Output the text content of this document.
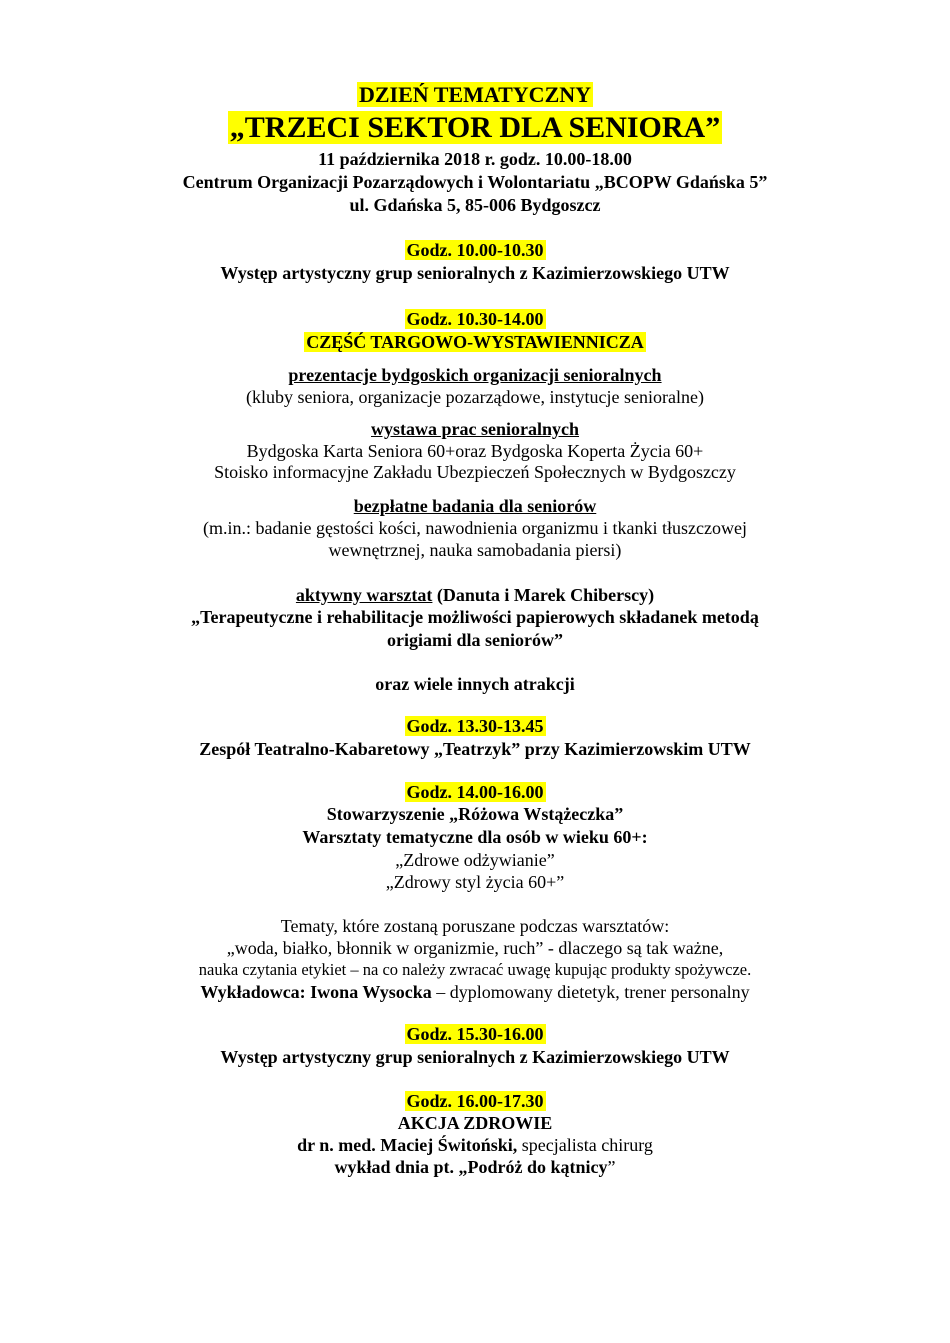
DZIEŃ TEMATYCZNY
„TRZECI SEKTOR DLA SENIORA”
11 października 2018 r. godz. 10.00-18.00
Centrum Organizacji Pozarządowych i Wolontariatu „BCOPW Gdańska 5”
ul. Gdańska 5, 85-006 Bydgoszcz
Godz. 10.00-10.30
Występ artystyczny grup senioralnych z Kazimierzowskiego UTW
Godz. 10.30-14.00
CZĘŚĆ TARGOWO-WYSTAWIENNICZA
prezentacje bydgoskich organizacji senioralnych
(kluby seniora, organizacje pozarządowe, instytucje senioralne)
wystawa prac senioralnych
Bydgoska Karta Seniora 60+oraz Bydgoska Koperta Życia 60+
Stoisko informacyjne Zakładu Ubezpieczeń Społecznych w Bydgoszczy
bezpłatne badania dla seniorów
(m.in.: badanie gęstości kości, nawodnienia organizmu i tkanki tłuszczowej
wewnętrznej, nauka samobadania piersi)
aktywny warsztat (Danuta i Marek Chiberscy)
„Terapeutyczne i rehabilitacje możliwości papierowych składanek metodą
origiami dla seniorów”
oraz wiele innych atrakcji
Godz. 13.30-13.45
Zespół Teatralno-Kabaretowy „Teatrzyk” przy Kazimierzowskim UTW
Godz. 14.00-16.00
Stowarzyszenie „Różowa Wstążeczka”
Warsztaty tematyczne dla osób w wieku 60+:
„Zdrowe odżywianie”
„Zdrowy styl życia 60+”
Tematy, które zostaną poruszane podczas warsztatów:
„woda, białko, błonnik w organizmie, ruch” - dlaczego są tak ważne,
nauka czytania etykiet – na co należy zwracać uwagę kupując produkty spożywcze.
Wykładowca: Iwona Wysocka – dyplomowany dietetyk, trener personalny
Godz. 15.30-16.00
Występ artystyczny grup senioralnych z Kazimierzowskiego UTW
Godz. 16.00-17.30
AKCJA ZDROWIE
dr n. med. Maciej Świtoński, specjalista chirurg
wykład dnia pt. „Podróż do kątnicy”
